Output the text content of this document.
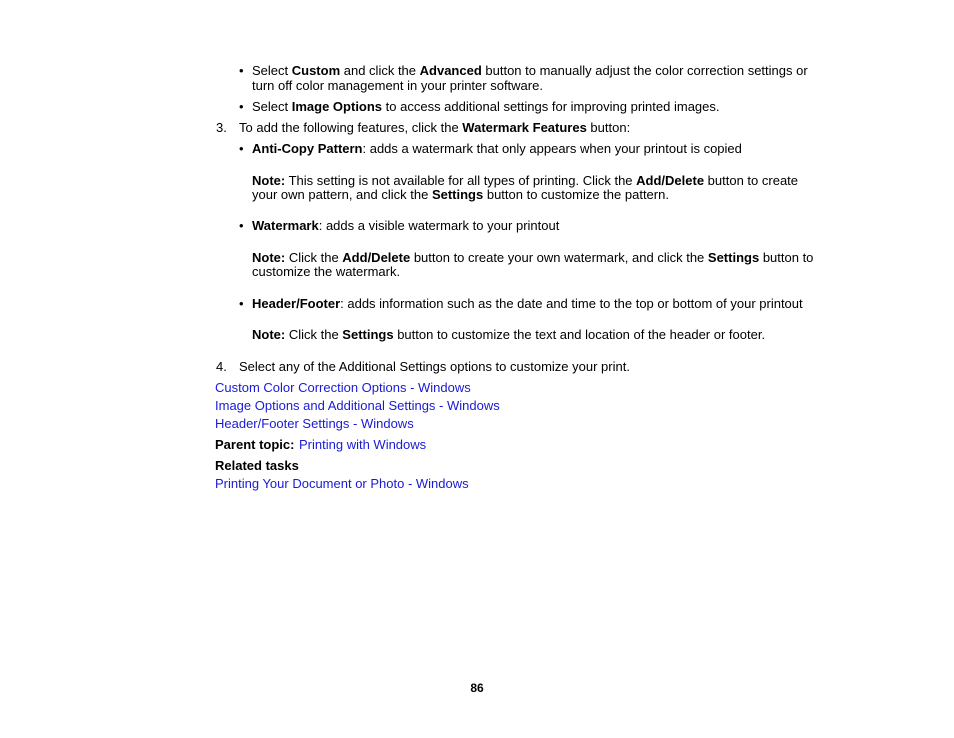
• Select Custom and click the Advanced button to manually adjust the color correction settings or
turn off color management in your printer software.
• Select Image Options to access additional settings for improving printed images.
3. To add the following features, click the Watermark Features button:
• Anti-Copy Pattern: adds a watermark that only appears when your printout is copied
Note: This setting is not available for all types of printing. Click the Add/Delete button to create
your own pattern, and click the Settings button to customize the pattern.
• Watermark: adds a visible watermark to your printout
Note: Click the Add/Delete button to create your own watermark, and click the Settings button to
customize the watermark.
• Header/Footer: adds information such as the date and time to the top or bottom of your printout
Note: Click the Settings button to customize the text and location of the header or footer.
4. Select any of the Additional Settings options to customize your print.
Custom Color Correction Options - Windows
Image Options and Additional Settings - Windows
Header/Footer Settings - Windows
Parent topic: Printing with Windows
Related tasks
Printing Your Document or Photo - Windows
86
